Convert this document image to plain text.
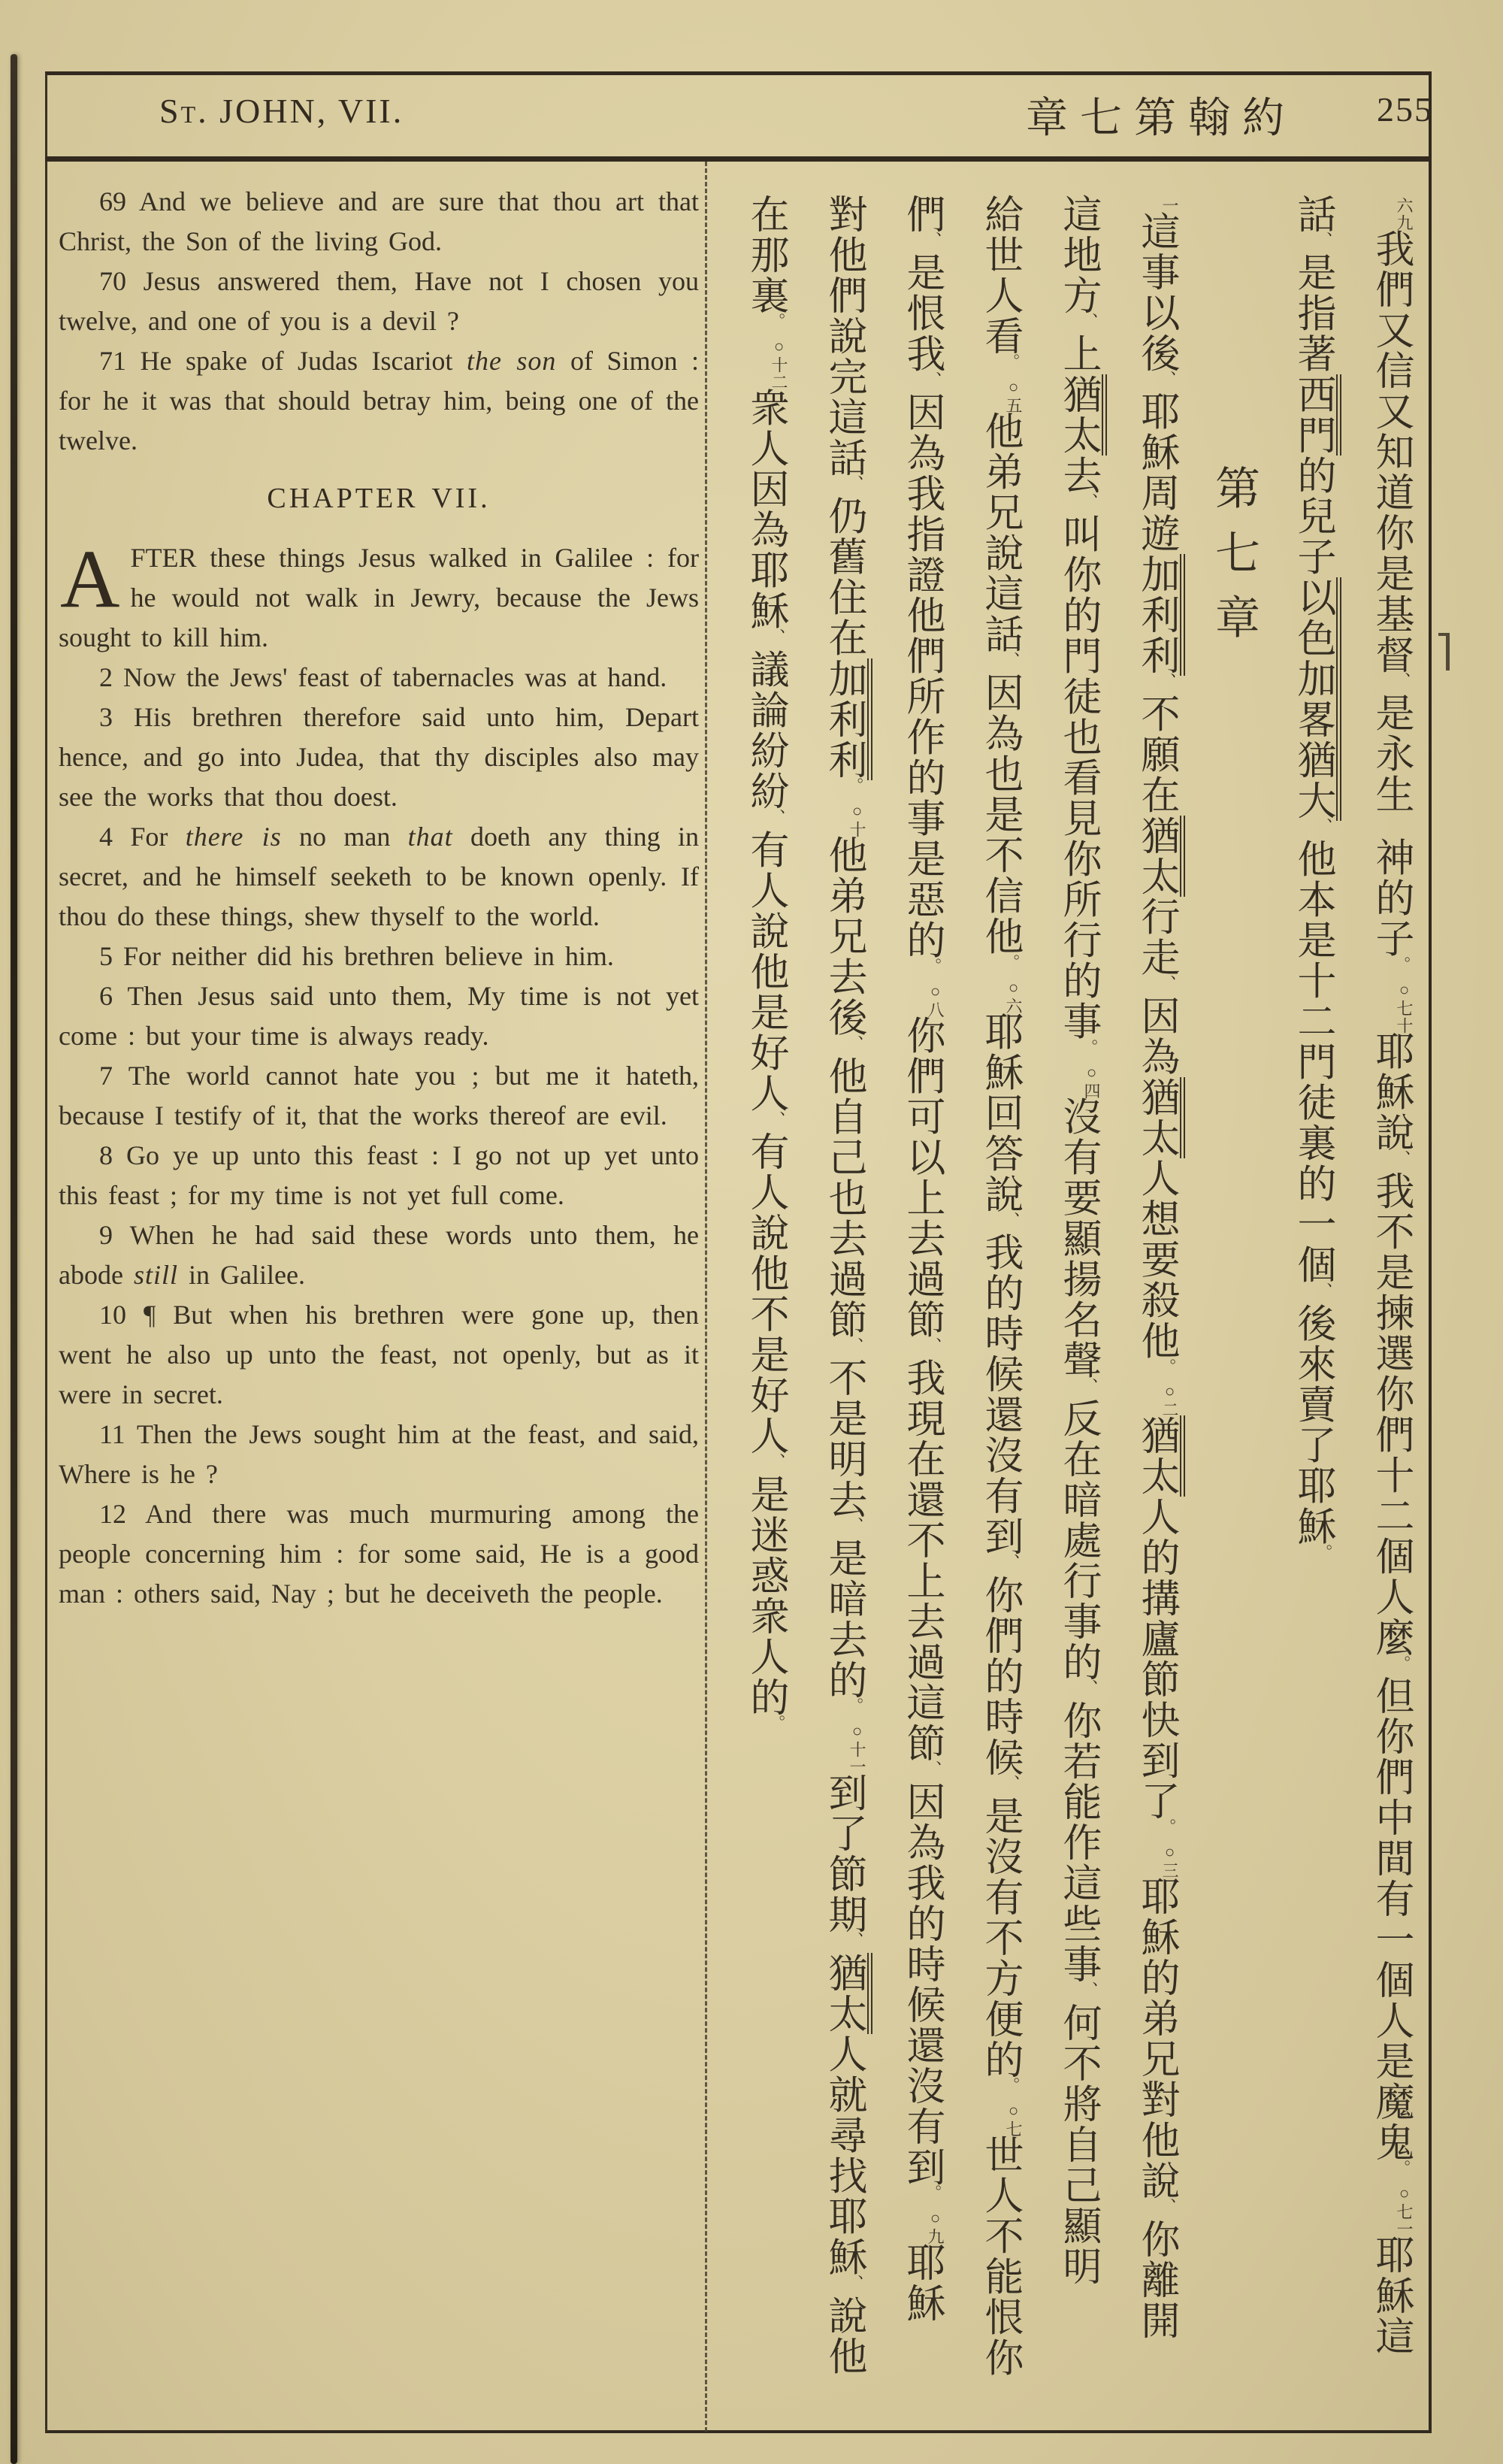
St. JOHN, VII.	章七第翰約 255

69 And we believe and are sure that thou art that Christ, the Son of the living God.

70 Jesus answered them, Have not I chosen you twelve, and one of you is a devil ?

71 He spake of Judas Iscariot the son of Simon : for he it was that should betray him, being one of the twelve.

CHAPTER VII.

AFTER these things Jesus walked in Galilee : for he would not walk in Jewry, because the Jews sought to kill him.

2 Now the Jews' feast of tabernacles was at hand.

3 His brethren therefore said unto him, Depart hence, and go into Judea, that thy disciples also may see the works that thou doest.

4 For there is no man that doeth any thing in secret, and he himself seeketh to be known openly. If thou do these things, shew thyself to the world.

5 For neither did his brethren believe in him.

6 Then Jesus said unto them, My time is not yet come : but your time is always ready.

7 The world cannot hate you ; but me it hateth, because I testify of it, that the works thereof are evil.

8 Go ye up unto this feast : I go not up yet unto this feast ; for my time is not yet full come.

9 When he had said these words unto them, he abode still in Galilee.

10 ¶ But when his brethren were gone up, then went he also up unto the feast, not openly, but as it were in secret.

11 Then the Jews sought him at the feast, and said, Where is he ?

12 And there was much murmuring among the people concerning him : for some said, He is a good man : others said, Nay ; but he deceiveth the people.

六九我們又信又知道你是基督、是永生神的子。○七十耶穌說、我不是揀選你們十二個人麼。但你們中間有一個人是魔鬼。○七一耶穌這
話、是指著西門的兒子以色加畧猶大、他本是十二門徒裏的一個、後來賣了耶穌。
第七章
一這事以後、耶穌周遊加利利、不願在猶太行走、因為猶太人想要殺他。○二猶太人的搆廬節快到了。○三耶穌的弟兄對他說、你離開
這地方、上猶太去、叫你的門徒也看見你所行的事。○四沒有要顯揚名聲、反在暗處行事的、你若能作這些事、何不將自己顯明
給世人看。○五他弟兄說這話、因為也是不信他。○六耶穌回答說、我的時候還沒有到、你們的時候、是沒有不方便的。○七世人不能恨你
們、是恨我、因為我指證他們所作的事是惡的。○八你們可以上去過節、我現在還不上去過這節、因為我的時候還沒有到。○九耶穌
對他們說完這話、仍舊住在加利利。○十他弟兄去後、他自己也去過節、不是明去、是暗去的。○十一到了節期、猶太人就尋找耶穌、說他
在那裏。○十二衆人因為耶穌、議論紛紛、有人說他是好人、有人說他不是好人、是迷惑衆人的。
